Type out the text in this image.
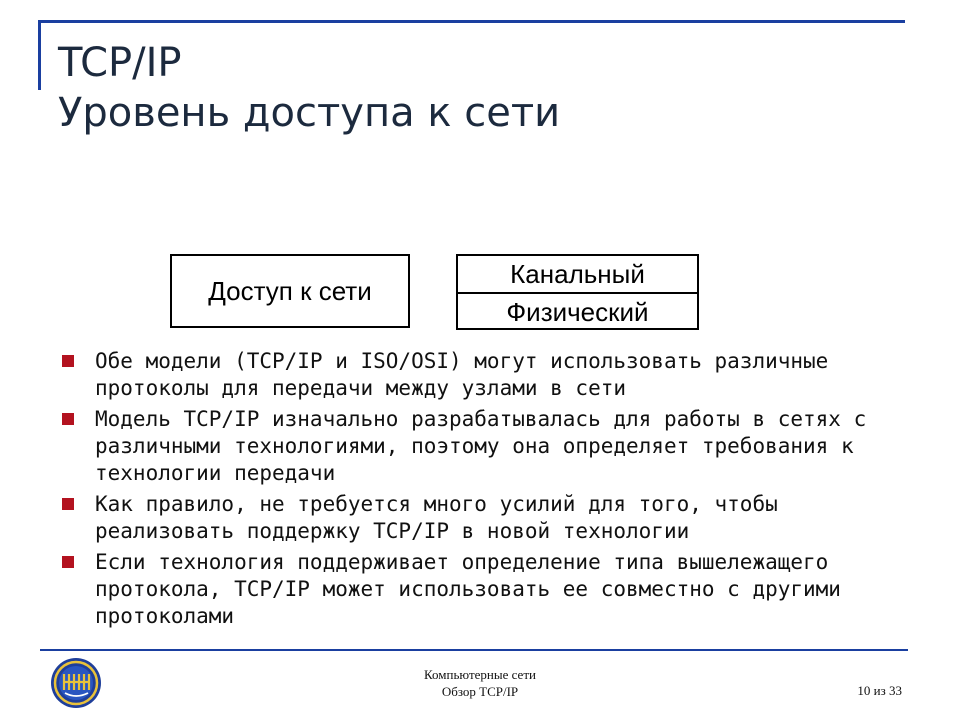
TCP/IP
Уровень доступа к сети
Доступ к сети
Канальный
Физический
Обе модели (TCP/IP и ISO/OSI) могут использовать различные протоколы для передачи между узлами в сети
Модель TCP/IP изначально разрабатывалась для работы в сетях с различными технологиями, поэтому она определяет требования к технологии передачи
Как правило, не требуется много усилий для того, чтобы реализовать поддержку TCP/IP в новой технологии
Если технология поддерживает определение типа вышележащего протокола, TCP/IP может использовать ее совместно с другими протоколами
Компьютерные сети
Обзор TCP/IP	10 из 33
